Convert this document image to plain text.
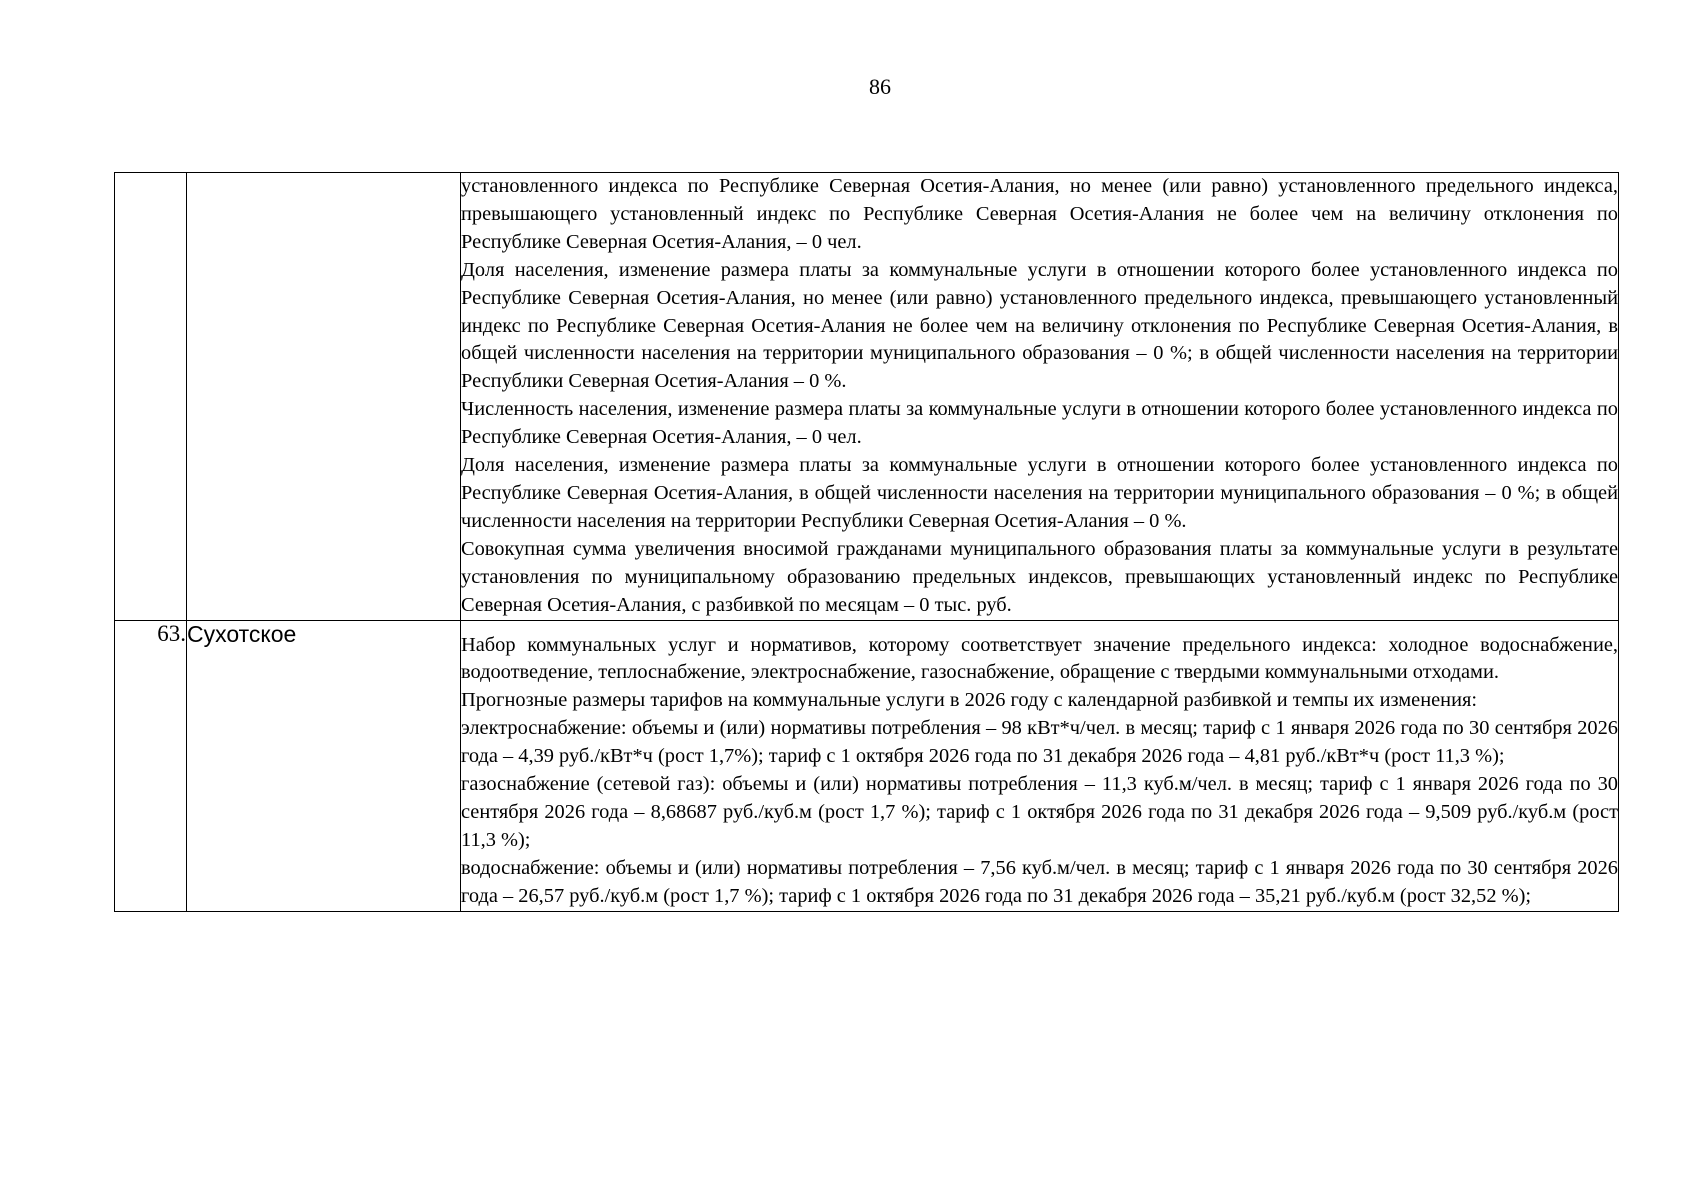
86

		установленного индекса по Республике Северная Осетия-Алания, но менее (или равно) установленного предельного индекса, превышающего установленный индекс по Республике Северная Осетия-Алания не более чем на величину отклонения по Республике Северная Осетия-Алания, – 0 чел.

Доля населения, изменение размера платы за коммунальные услуги в отношении которого более установленного индекса по Республике Северная Осетия-Алания, но менее (или равно) установленного предельного индекса, превышающего установленный индекс по Республике Северная Осетия-Алания не более чем на величину отклонения по Республике Северная Осетия-Алания, в общей численности населения на территории муниципального образования – 0 %; в общей численности населения на территории Республики Северная Осетия-Алания – 0 %.

Численность населения, изменение размера платы за коммунальные услуги в отношении которого более установленного индекса по Республике Северная Осетия-Алания, – 0 чел.

Доля населения, изменение размера платы за коммунальные услуги в отношении которого более установленного индекса по Республике Северная Осетия-Алания, в общей численности населения на территории муниципального образования – 0 %; в общей численности населения на территории Республики Северная Осетия-Алания – 0 %.

Совокупная сумма увеличения вносимой гражданами муниципального образования платы за коммунальные услуги в результате установления по муниципальному образованию предельных индексов, превышающих установленный индекс по Республике Северная Осетия-Алания, с разбивкой по месяцам – 0 тыс. руб.

63.	Сухотское	Набор коммунальных услуг и нормативов, которому соответствует значение предельного индекса: холодное водоснабжение, водоотведение, теплоснабжение, электроснабжение, газоснабжение, обращение с твердыми коммунальными отходами.

Прогнозные размеры тарифов на коммунальные услуги в 2026 году с календарной разбивкой и темпы их изменения:

электроснабжение: объемы и (или) нормативы потребления – 98 кВт*ч/чел. в месяц; тариф с 1 января 2026 года по 30 сентября 2026 года – 4,39 руб./кВт*ч (рост 1,7%); тариф с 1 октября 2026 года по 31 декабря 2026 года – 4,81 руб./кВт*ч (рост 11,3 %);

газоснабжение (сетевой газ): объемы и (или) нормативы потребления – 11,3 куб.м/чел. в месяц; тариф с 1 января 2026 года по 30 сентября 2026 года – 8,68687 руб./куб.м (рост 1,7 %); тариф с 1 октября 2026 года по 31 декабря 2026 года – 9,509 руб./куб.м (рост 11,3 %);

водоснабжение: объемы и (или) нормативы потребления – 7,56 куб.м/чел. в месяц; тариф с 1 января 2026 года по 30 сентября 2026 года – 26,57 руб./куб.м (рост 1,7 %); тариф с 1 октября 2026 года по 31 декабря 2026 года – 35,21 руб./куб.м (рост 32,52 %);
